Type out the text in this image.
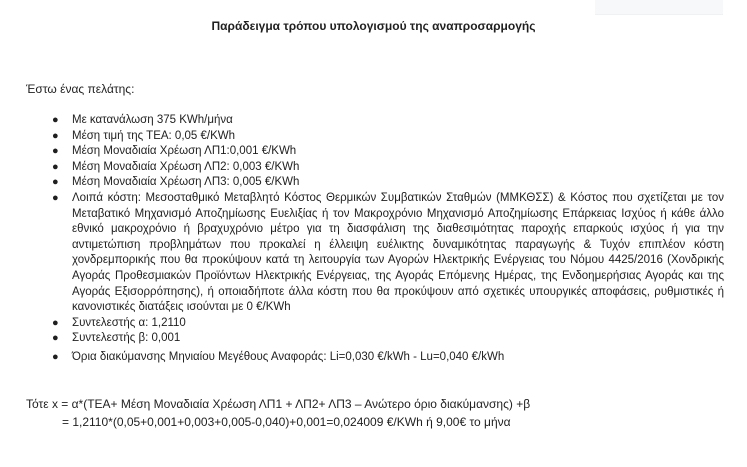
Παράδειγμα τρόπου υπολογισμού της αναπροσαρμογής
Έστω ένας πελάτης:
● Με κατανάλωση 375 KWh/μήνα
● Μέση τιμή της ΤΕΑ: 0,05 €/KWh
● Μέση Μοναδιαία Χρέωση ΛΠ1:0,001 €/KWh
● Μέση Μοναδιαία Χρέωση ΛΠ2: 0,003 €/KWh
● Μέση Μοναδιαία Χρέωση ΛΠ3: 0,005 €/KWh
● Λοιπά κόστη: Μεσοσταθμικό Μεταβλητό Κόστος Θερμικών Συμβατικών Σταθμών (ΜΜΚΘΣΣ) & Κόστος που σχετίζεται με τον Μεταβατικό Μηχανισμό Αποζημίωσης Ευελιξίας ή τον Μακροχρόνιο Μηχανισμό Αποζημίωσης Επάρκειας Ισχύος ή κάθε άλλο εθνικό μακροχρόνιο ή βραχυχρόνιο μέτρο για τη διασφάλιση της διαθεσιμότητας παροχής επαρκούς ισχύος ή για την αντιμετώπιση προβλημάτων που προκαλεί η έλλειψη ευέλικτης δυναμικότητας παραγωγής & Τυχόν επιπλέον κόστη χονδρεμπορικής που θα προκύψουν κατά τη λειτουργία των Αγορών Ηλεκτρικής Ενέργειας του Νόμου 4425/2016 (Χονδρικής Αγοράς Προθεσμιακών Προϊόντων Ηλεκτρικής Ενέργειας, της Αγοράς Επόμενης Ημέρας, της Ενδοημερήσιας Αγοράς και της Αγοράς Εξισορρόπησης), ή οποιαδήποτε άλλα κόστη που θα προκύψουν από σχετικές υπουργικές αποφάσεις, ρυθμιστικές ή κανονιστικές διατάξεις ισούνται με 0 €/KWh
● Συντελεστής α: 1,2110
● Συντελεστής β: 0,001
● Όρια διακύμανσης Μηνιαίου Μεγέθους Αναφοράς: Li=0,030 €/kWh - Lu=0,040 €/kWh
Τότε x = α*(ΤΕΑ+ Μέση Μοναδιαία Χρέωση ΛΠ1 + ΛΠ2+ ΛΠ3 – Ανώτερο όριο διακύμανσης) +β
= 1,2110*(0,05+0,001+0,003+0,005-0,040)+0,001=0,024009 €/KWh ή 9,00€ το μήνα
